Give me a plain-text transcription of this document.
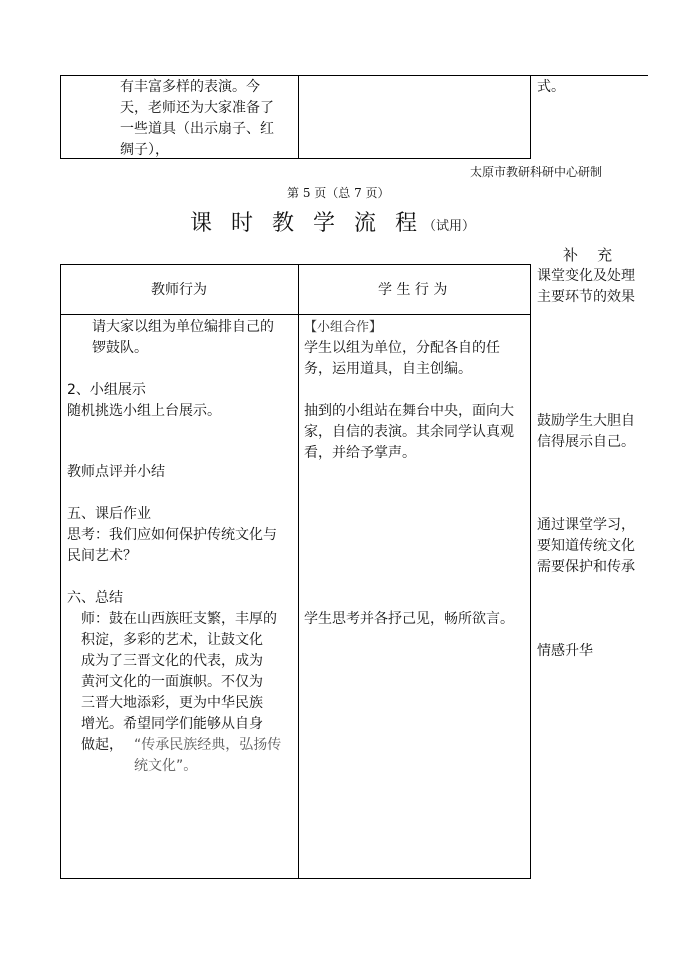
有丰富多样的表演。今
天，老师还为大家准备了
一些道具（出示扇子、红
绸子），
式。
太原市教研科研中心研制
第 5 页（总 7 页）
课 时 教 学 流 程（试用）
补    充
教师行为	学 生 行 为
课堂变化及处理
主要环节的效果
请大家以组为单位编排自己的
锣鼓队。
2、小组展示
随机挑选小组上台展示。
教师点评并小结
五、课后作业
思考：我们应如何保护传统文化与
民间艺术？
六、总结
师：鼓在山西族旺支繁，丰厚的
积淀，多彩的艺术，让鼓文化
成为了三晋文化的代表，成为
黄河文化的一面旗帜。不仅为
三晋大地添彩，更为中华民族
增光。希望同学们能够从自身
做起， “传承民族经典，弘扬传
统文化”。
【小组合作】
学生以组为单位，分配各自的任
务，运用道具，自主创编。
抽到的小组站在舞台中央，面向大
家，自信的表演。其余同学认真观
看，并给予掌声。
学生思考并各抒己见，畅所欲言。
鼓励学生大胆自
信得展示自己。
通过课堂学习，
要知道传统文化
需要保护和传承
情感升华
